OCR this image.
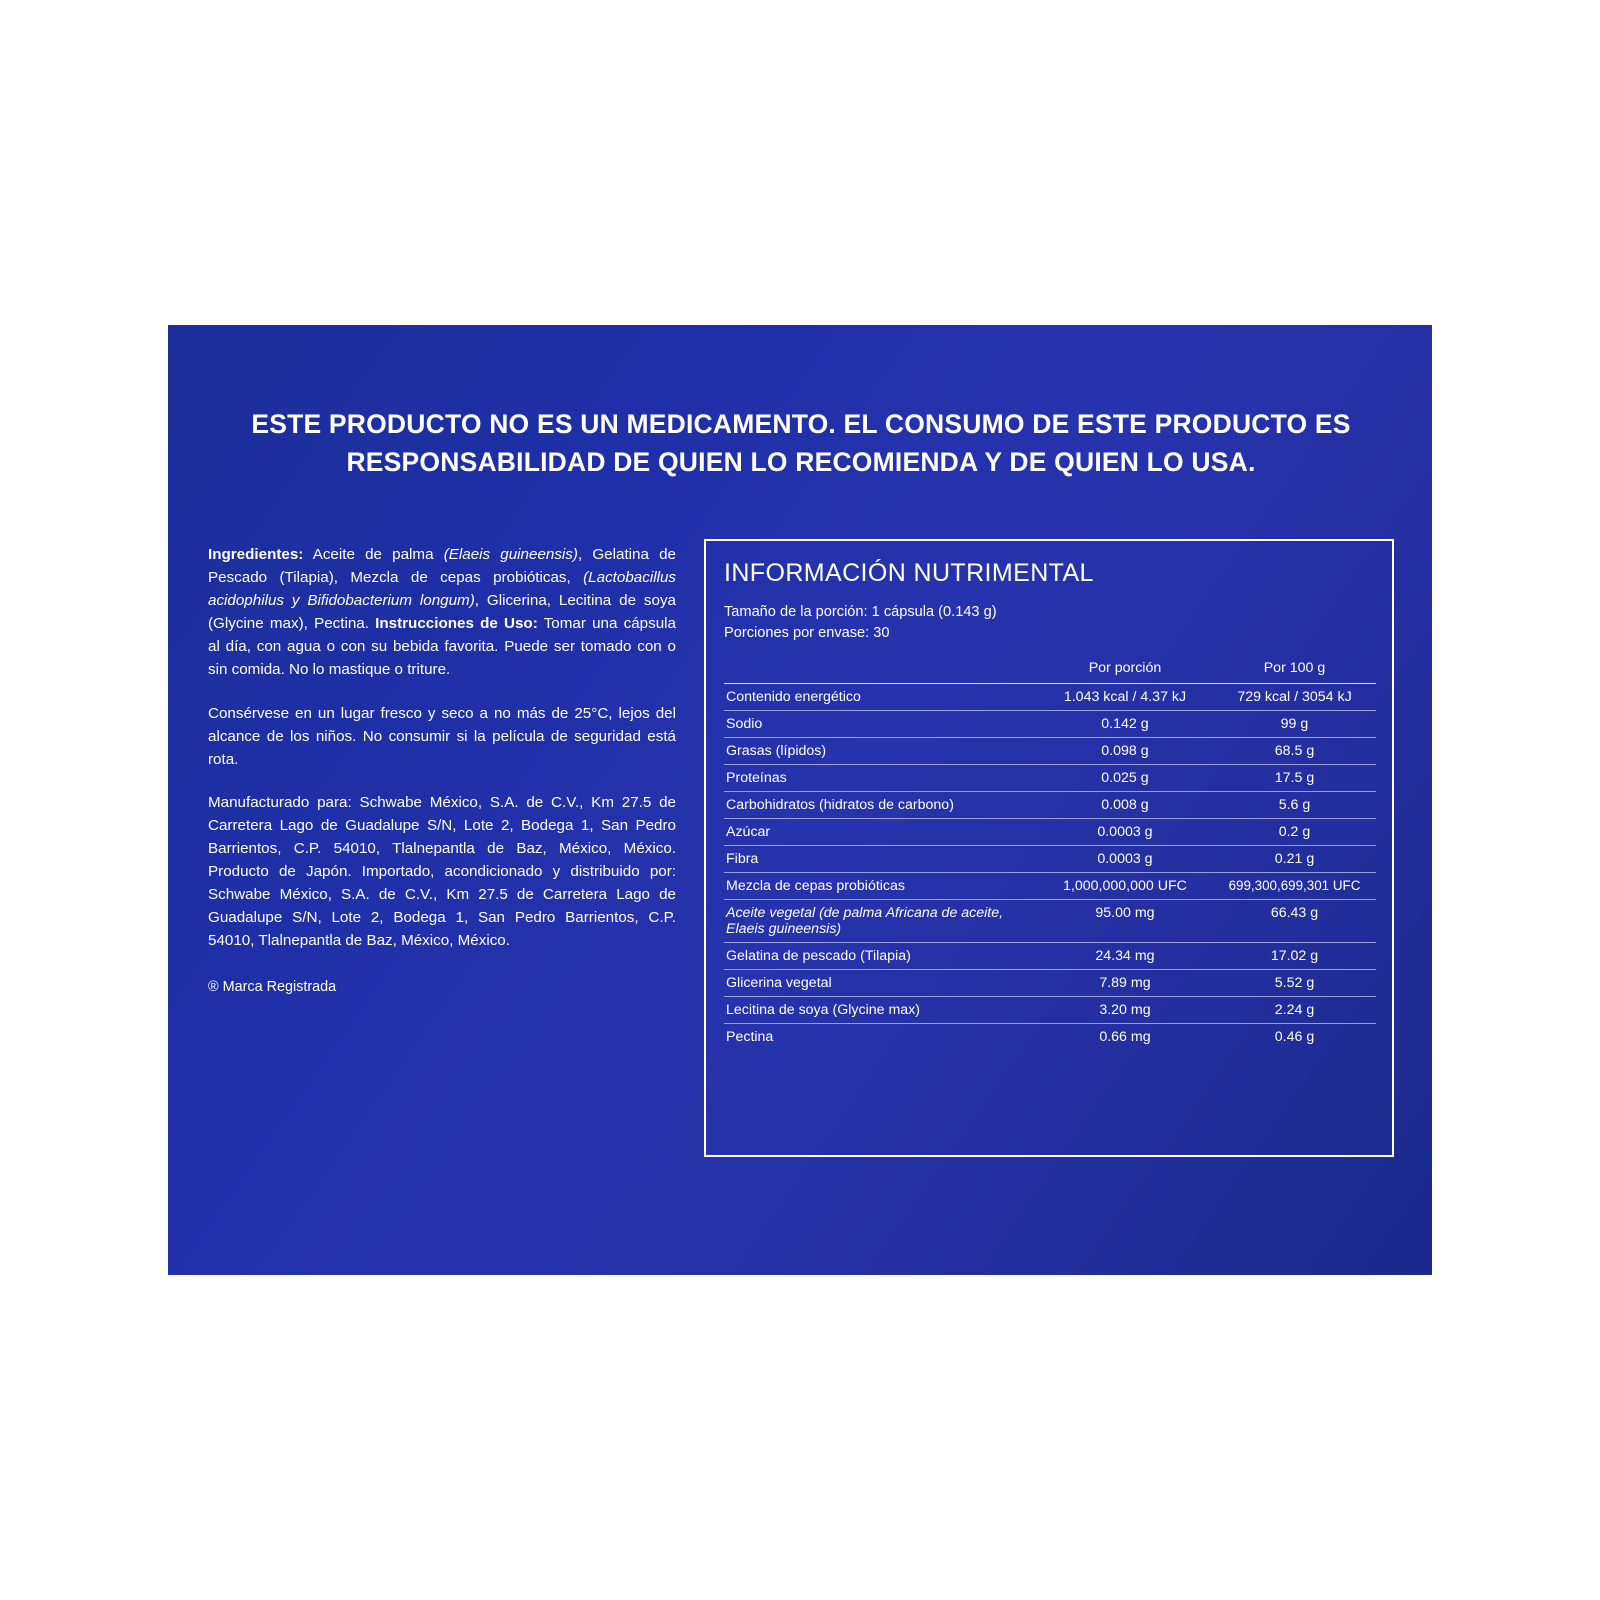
ESTE PRODUCTO NO ES UN MEDICAMENTO. EL CONSUMO DE ESTE PRODUCTO ES RESPONSABILIDAD DE QUIEN LO RECOMIENDA Y DE QUIEN LO USA.

Ingredientes: Aceite de palma (Elaeis guineensis), Gelatina de Pescado (Tilapia), Mezcla de cepas probióticas, (Lactobacillus acidophilus y Bifidobacterium longum), Glicerina, Lecitina de soya (Glycine max), Pectina. Instrucciones de Uso: Tomar una cápsula al día, con agua o con su bebida favorita. Puede ser tomado con o sin comida. No lo mastique o triture.

Consérvese en un lugar fresco y seco a no más de 25°C, lejos del alcance de los niños. No consumir si la película de seguridad está rota.

Manufacturado para: Schwabe México, S.A. de C.V., Km 27.5 de Carretera Lago de Guadalupe S/N, Lote 2, Bodega 1, San Pedro Barrientos, C.P. 54010, Tlalnepantla de Baz, México, México. Producto de Japón. Importado, acondicionado y distribuido por: Schwabe México, S.A. de C.V., Km 27.5 de Carretera Lago de Guadalupe S/N, Lote 2, Bodega 1, San Pedro Barrientos, C.P. 54010, Tlalnepantla de Baz, México, México.

® Marca Registrada

INFORMACIÓN NUTRIMENTAL
Tamaño de la porción: 1 cápsula (0.143 g)
Porciones por envase: 30
	Por porción	Por 100 g
Contenido energético	1.043 kcal / 4.37 kJ	729 kcal / 3054 kJ
Sodio	0.142 g	99 g
Grasas (lípidos)	0.098 g	68.5 g
Proteínas	0.025 g	17.5 g
Carbohidratos (hidratos de carbono)	0.008 g	5.6 g
Azúcar	0.0003 g	0.2 g
Fibra	0.0003 g	0.21 g
Mezcla de cepas probióticas	1,000,000,000 UFC	699,300,699,301 UFC
Aceite vegetal (de palma Africana de aceite, Elaeis guineensis)	95.00 mg	66.43 g
Gelatina de pescado (Tilapia)	24.34 mg	17.02 g
Glicerina vegetal	7.89 mg	5.52 g
Lecitina de soya (Glycine max)	3.20 mg	2.24 g
Pectina	0.66 mg	0.46 g
